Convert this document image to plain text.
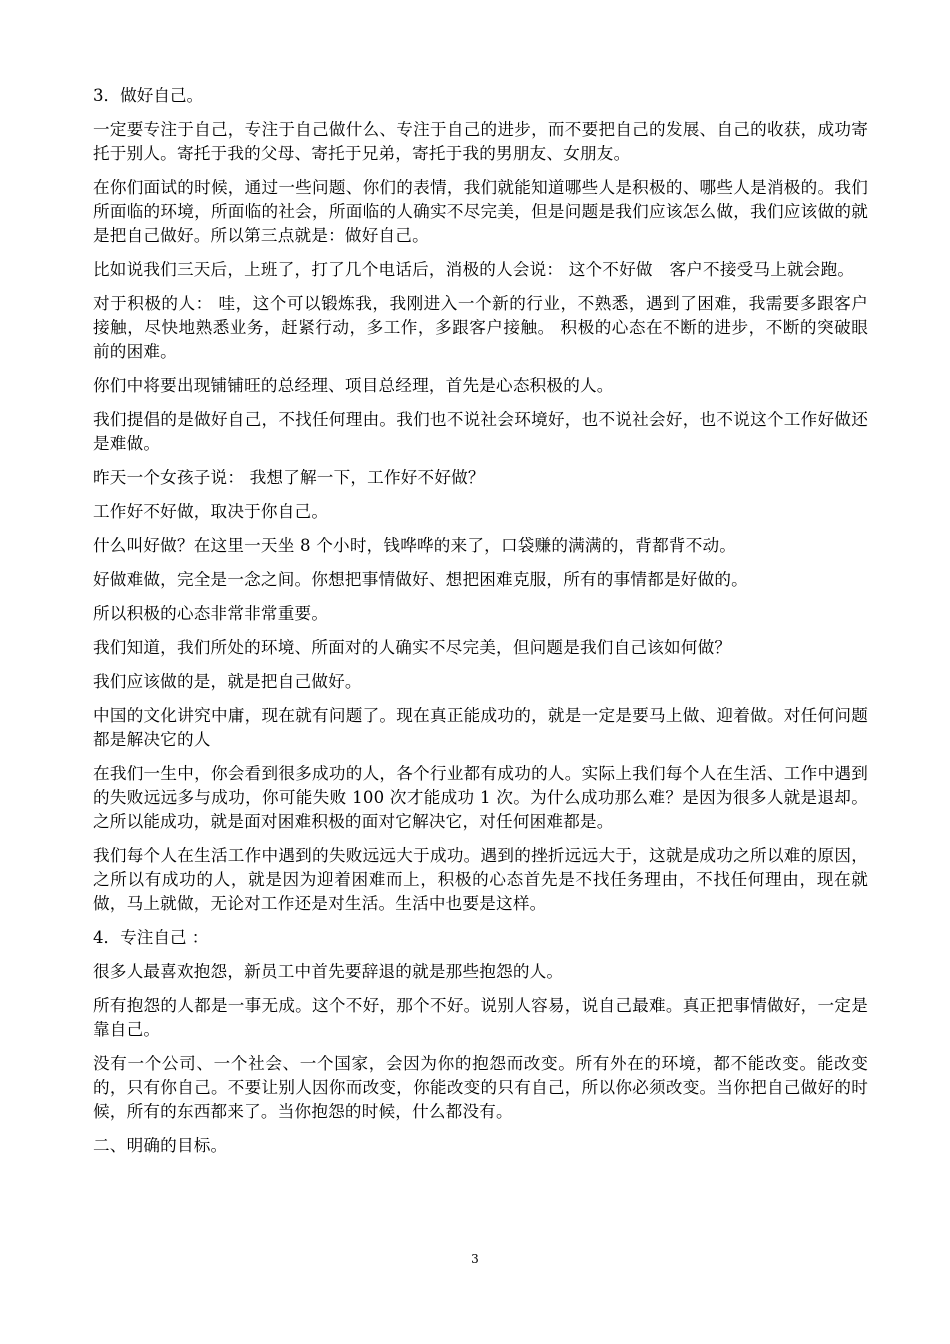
3．做好自己。

一定要专注于自己，专注于自己做什么、专注于自己的进步，而不要把自己的发展、自己的收获，成功寄托于别人。寄托于我的父母、寄托于兄弟，寄托于我的男朋友、女朋友。

在你们面试的时候，通过一些问题、你们的表情，我们就能知道哪些人是积极的、哪些人是消极的。我们所面临的环境，所面临的社会，所面临的人确实不尽完美，但是问题是我们应该怎么做，我们应该做的就是把自己做好。所以第三点就是：做好自己。

比如说我们三天后，上班了，打了几个电话后，消极的人会说： 这个不好做　客户不接受马上就会跑。

对于积极的人： 哇，这个可以锻炼我，我刚进入一个新的行业，不熟悉，遇到了困难，我需要多跟客户接触，尽快地熟悉业务，赶紧行动，多工作，多跟客户接触。 积极的心态在不断的进步，不断的突破眼前的困难。

你们中将要出现铺铺旺的总经理、项目总经理，首先是心态积极的人。

我们提倡的是做好自己，不找任何理由。我们也不说社会环境好，也不说社会好，也不说这个工作好做还是难做。

昨天一个女孩子说： 我想了解一下，工作好不好做？

工作好不好做，取决于你自己。

什么叫好做？在这里一天坐 8 个小时，钱哗哗的来了，口袋赚的满满的，背都背不动。

好做难做，完全是一念之间。你想把事情做好、想把困难克服，所有的事情都是好做的。

所以积极的心态非常非常重要。

我们知道，我们所处的环境、所面对的人确实不尽完美，但问题是我们自己该如何做？

我们应该做的是，就是把自己做好。

中国的文化讲究中庸，现在就有问题了。现在真正能成功的，就是一定是要马上做、迎着做。对任何问题都是解决它的人

在我们一生中，你会看到很多成功的人，各个行业都有成功的人。实际上我们每个人在生活、工作中遇到的失败远远多与成功，你可能失败 100 次才能成功 1 次。为什么成功那么难？是因为很多人就是退却。之所以能成功，就是面对困难积极的面对它解决它，对任何困难都是。

我们每个人在生活工作中遇到的失败远远大于成功。遇到的挫折远远大于，这就是成功之所以难的原因，之所以有成功的人，就是因为迎着困难而上，积极的心态首先是不找任务理由，不找任何理由，现在就做，马上就做，无论对工作还是对生活。生活中也要是这样。

4．专注自己 ：

很多人最喜欢抱怨，新员工中首先要辞退的就是那些抱怨的人。

所有抱怨的人都是一事无成。这个不好，那个不好。说别人容易，说自己最难。真正把事情做好，一定是靠自己。

没有一个公司、一个社会、一个国家，会因为你的抱怨而改变。所有外在的环境，都不能改变。能改变的，只有你自己。不要让别人因你而改变，你能改变的只有自己，所以你必须改变。当你把自己做好的时候，所有的东西都来了。当你抱怨的时候，什么都没有。

二、明确的目标。

3
